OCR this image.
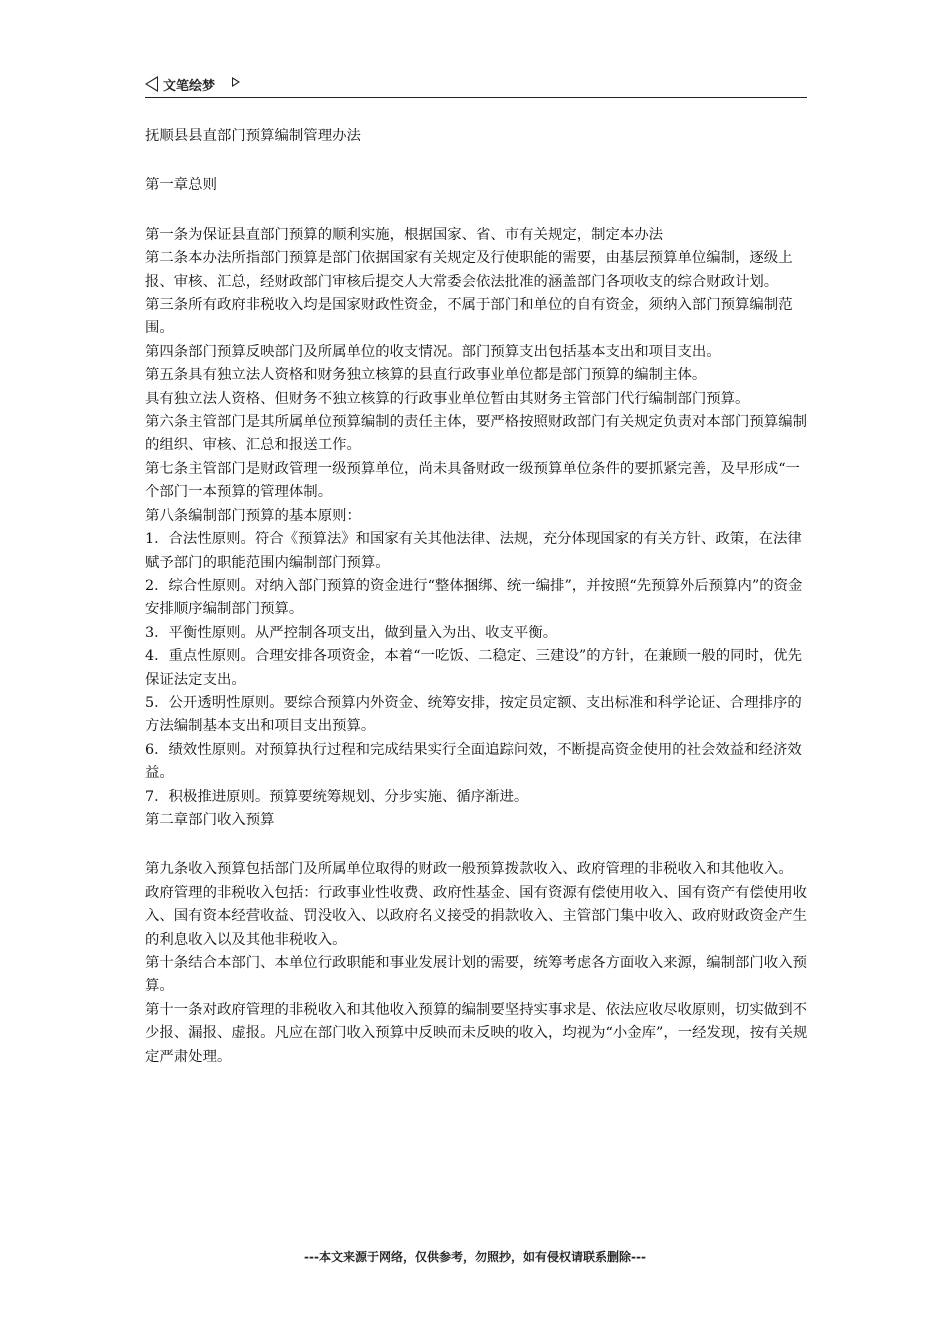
文笔绘梦

抚顺县县直部门预算编制管理办法

第一章总则

第一条为保证县直部门预算的顺利实施，根据国家、省、市有关规定，制定本办法

第二条本办法所指部门预算是部门依据国家有关规定及行使职能的需要，由基层预算单位编制，逐级上报、审核、汇总，经财政部门审核后提交人大常委会依法批准的涵盖部门各项收支的综合财政计划。

第三条所有政府非税收入均是国家财政性资金，不属于部门和单位的自有资金，须纳入部门预算编制范围。

第四条部门预算反映部门及所属单位的收支情况。部门预算支出包括基本支出和项目支出。

第五条具有独立法人资格和财务独立核算的县直行政事业单位都是部门预算的编制主体。

具有独立法人资格、但财务不独立核算的行政事业单位暂由其财务主管部门代行编制部门预算。

第六条主管部门是其所属单位预算编制的责任主体，要严格按照财政部门有关规定负责对本部门预算编制的组织、审核、汇总和报送工作。

第七条主管部门是财政管理一级预算单位，尚未具备财政一级预算单位条件的要抓紧完善，及早形成“一个部门一本预算的管理体制。

第八条编制部门预算的基本原则：

1．合法性原则。符合《预算法》和国家有关其他法律、法规，充分体现国家的有关方针、政策，在法律赋予部门的职能范围内编制部门预算。

2．综合性原则。对纳入部门预算的资金进行“整体捆绑、统一编排”，并按照“先预算外后预算内”的资金安排顺序编制部门预算。

3．平衡性原则。从严控制各项支出，做到量入为出、收支平衡。

4．重点性原则。合理安排各项资金，本着“一吃饭、二稳定、三建设”的方针，在兼顾一般的同时，优先保证法定支出。

5．公开透明性原则。要综合预算内外资金、统筹安排，按定员定额、支出标准和科学论证、合理排序的方法编制基本支出和项目支出预算。

6．绩效性原则。对预算执行过程和完成结果实行全面追踪问效，不断提高资金使用的社会效益和经济效益。

7．积极推进原则。预算要统筹规划、分步实施、循序渐进。

第二章部门收入预算

第九条收入预算包括部门及所属单位取得的财政一般预算拨款收入、政府管理的非税收入和其他收入。

政府管理的非税收入包括：行政事业性收费、政府性基金、国有资源有偿使用收入、国有资产有偿使用收入、国有资本经营收益、罚没收入、以政府名义接受的捐款收入、主管部门集中收入、政府财政资金产生的利息收入以及其他非税收入。

第十条结合本部门、本单位行政职能和事业发展计划的需要，统筹考虑各方面收入来源，编制部门收入预算。

第十一条对政府管理的非税收入和其他收入预算的编制要坚持实事求是、依法应收尽收原则，切实做到不少报、漏报、虚报。凡应在部门收入预算中反映而未反映的收入，均视为“小金库”，一经发现，按有关规定严肃处理。

---本文来源于网络，仅供参考，勿照抄，如有侵权请联系删除---
